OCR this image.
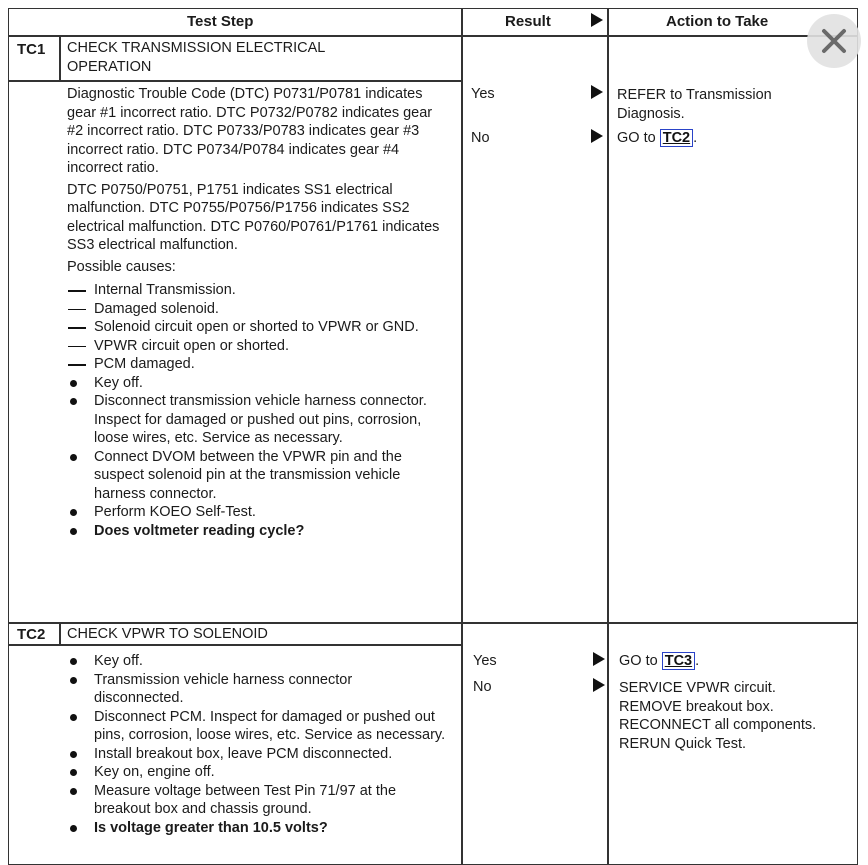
Test Step	Result	Action to Take
TC1 CHECK TRANSMISSION ELECTRICAL OPERATION
Diagnostic Trouble Code (DTC) P0731/P0781 indicates gear #1 incorrect ratio. DTC P0732/P0782 indicates gear #2 incorrect ratio. DTC P0733/P0783 indicates gear #3 incorrect ratio. DTC P0734/P0784 indicates gear #4 incorrect ratio.
DTC P0750/P0751, P1751 indicates SS1 electrical malfunction. DTC P0755/P0756/P1756 indicates SS2 electrical malfunction. DTC P0760/P0761/P1761 indicates SS3 electrical malfunction.
Possible causes:
Internal Transmission.
Damaged solenoid.
Solenoid circuit open or shorted to VPWR or GND.
VPWR circuit open or shorted.
PCM damaged.
Key off.
Disconnect transmission vehicle harness connector. Inspect for damaged or pushed out pins, corrosion, loose wires, etc. Service as necessary.
Connect DVOM between the VPWR pin and the suspect solenoid pin at the transmission vehicle harness connector.
Perform KOEO Self-Test.
Does voltmeter reading cycle?
Yes
No
REFER to Transmission Diagnosis.
GO to TC2 .
TC2 CHECK VPWR TO SOLENOID
Key off.
Transmission vehicle harness connector disconnected.
Disconnect PCM. Inspect for damaged or pushed out pins, corrosion, loose wires, etc. Service as necessary.
Install breakout box, leave PCM disconnected.
Key on, engine off.
Measure voltage between Test Pin 71/97 at the breakout box and chassis ground.
Is voltage greater than 10.5 volts?
Yes
No
GO to TC3 .
SERVICE VPWR circuit.
REMOVE breakout box.
RECONNECT all components.
RERUN Quick Test.
